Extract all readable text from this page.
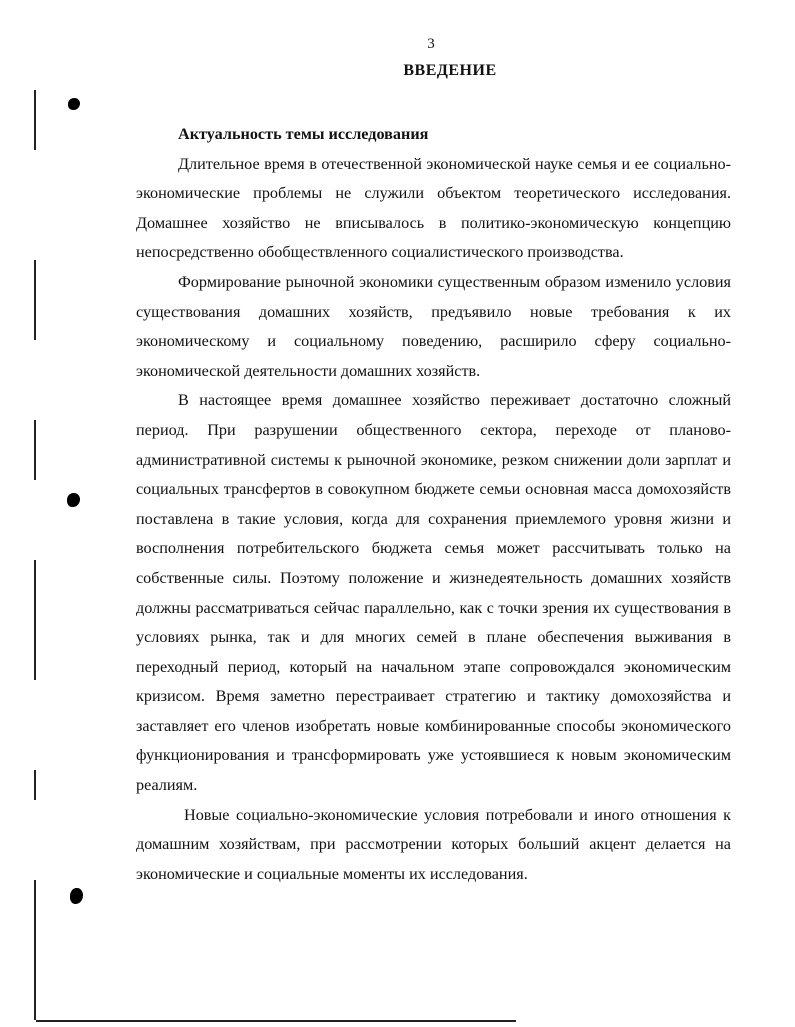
3
ВВЕДЕНИЕ

Актуальность темы исследования

Длительное время в отечественной экономической науке семья и ее социально-экономические проблемы не служили объектом теоретического исследования. Домашнее хозяйство не вписывалось в политико-экономическую концепцию непосредственно обобществленного социалистического производства.

Формирование рыночной экономики существенным образом изменило условия существования домашних хозяйств, предъявило новые требования к их экономическому и социальному поведению, расширило сферу социально-экономической деятельности домашних хозяйств.

В настоящее время домашнее хозяйство переживает достаточно сложный период. При разрушении общественного сектора, переходе от планово-административной системы к рыночной экономике, резком снижении доли зарплат и социальных трансфертов в совокупном бюджете семьи основная масса домохозяйств поставлена в такие условия, когда для сохранения приемлемого уровня жизни и восполнения потребительского бюджета семья может рассчитывать только на собственные силы. Поэтому положение и жизнедеятельность домашних хозяйств должны рассматриваться сейчас параллельно, как с точки зрения их существования в условиях рынка, так и для многих семей в плане обеспечения выживания в переходный период, который на начальном этапе сопровождался экономическим кризисом. Время заметно перестраивает стратегию и тактику домохозяйства и заставляет его членов изобретать новые комбинированные способы экономического функционирования и трансформировать уже устоявшиеся к новым экономическим реалиям.

Новые социально-экономические условия потребовали и иного отношения к домашним хозяйствам, при рассмотрении которых больший акцент делается на экономические и социальные моменты их исследования.
